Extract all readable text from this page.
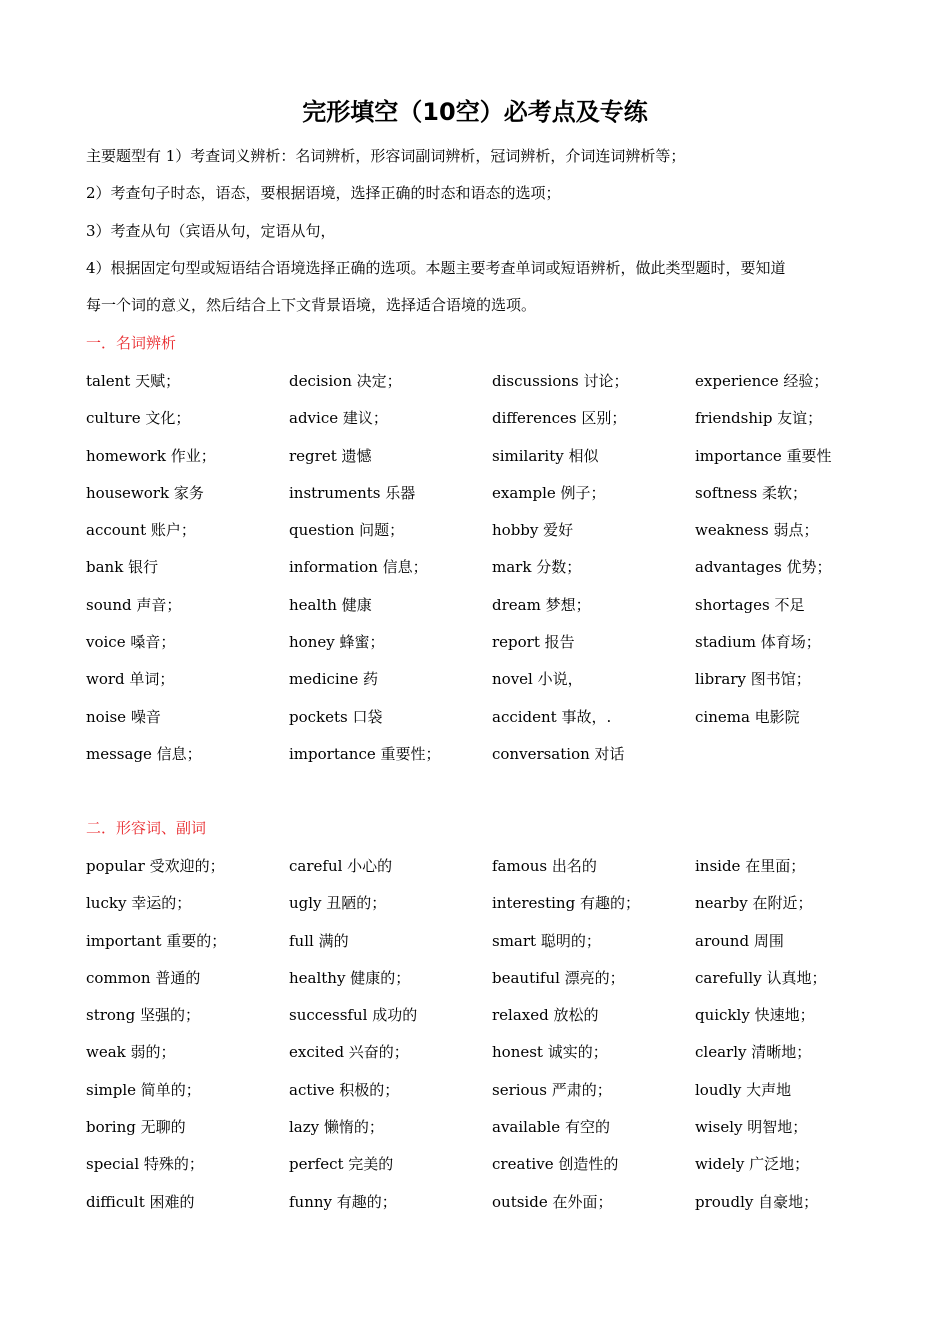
完形填空（10空）必考点及专练
主要题型有 1）考查词义辨析：名词辨析，形容词副词辨析，冠词辨析，介词连词辨析等；
2）考查句子时态，语态，要根据语境，选择正确的时态和语态的选项；
3）考查从句（宾语从句，定语从句，
4）根据固定句型或短语结合语境选择正确的选项。本题主要考查单词或短语辨析，做此类型题时，要知道
每一个词的意义，然后结合上下文背景语境，选择适合语境的选项。
一．名词辨析
talent 天赋；	decision 决定；	discussions 讨论；	experience 经验；
culture 文化；	advice 建议；	differences 区别；	friendship 友谊；
homework 作业；	regret 遗憾	similarity 相似	importance 重要性
housework 家务	instruments 乐器	example 例子；	softness 柔软；
account 账户；	question 问题；	hobby 爱好	weakness 弱点；
bank 银行	information 信息；	mark 分数；	advantages 优势；
sound 声音；	health 健康	dream 梦想；	shortages 不足
voice 嗓音；	honey 蜂蜜；	report 报告	stadium 体育场；
word 单词；	medicine 药	novel 小说，	library 图书馆；
noise 噪音	pockets 口袋	accident 事故，.	cinema 电影院
message 信息；	importance 重要性；	conversation 对话
二．形容词、副词
popular 受欢迎的；	careful 小心的	famous 出名的	inside 在里面；
lucky 幸运的；	ugly 丑陋的；	interesting 有趣的；	nearby 在附近；
important 重要的；	full 满的	smart 聪明的；	around 周围
common 普通的	healthy 健康的；	beautiful 漂亮的；	carefully 认真地；
strong 坚强的；	successful 成功的	relaxed 放松的	quickly 快速地；
weak 弱的；	excited 兴奋的；	honest 诚实的；	clearly 清晰地；
simple 简单的；	active 积极的；	serious 严肃的；	loudly 大声地
boring 无聊的	lazy 懒惰的；	available 有空的	wisely 明智地；
special 特殊的；	perfect 完美的	creative 创造性的	widely 广泛地；
difficult 困难的	funny 有趣的；	outside 在外面；	proudly 自豪地；
